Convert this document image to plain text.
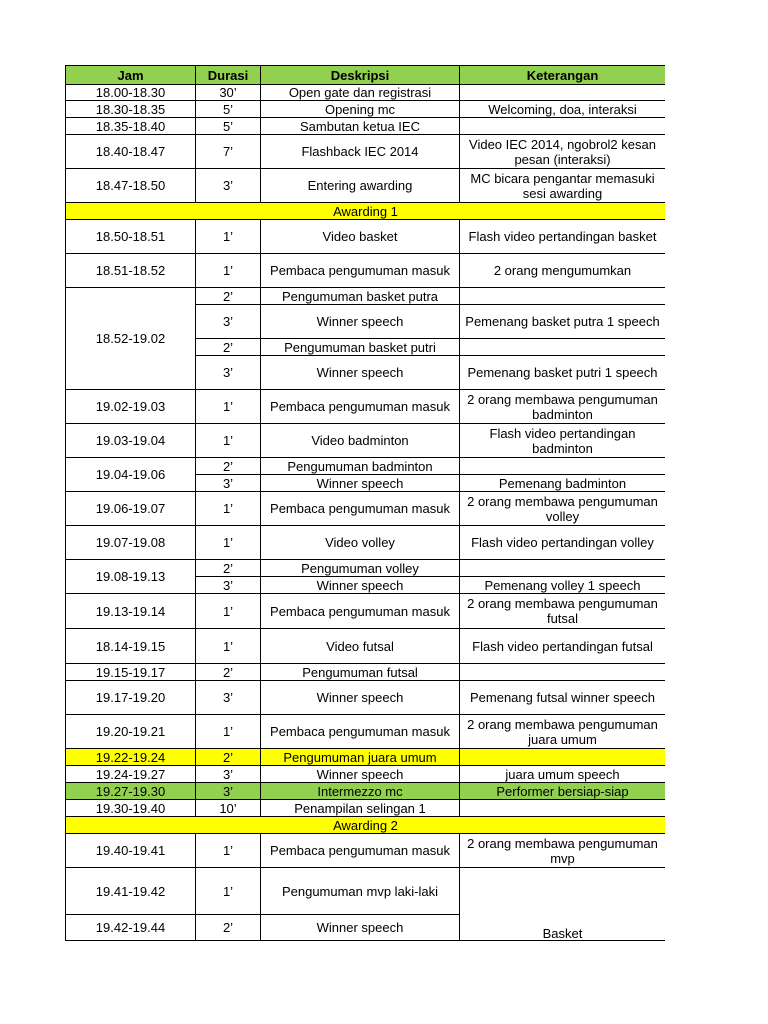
Jam	Durasi	Deskripsi	Keterangan
18.00-18.30	30’	Open gate dan registrasi	
18.30-18.35	5’	Opening mc	Welcoming, doa, interaksi
18.35-18.40	5’	Sambutan ketua IEC	
18.40-18.47	7’	Flashback IEC 2014	Video IEC 2014, ngobrol2 kesan pesan (interaksi)
18.47-18.50	3’	Entering awarding	MC bicara pengantar memasuki sesi awarding
Awarding 1			
18.50-18.51	1’	Video basket	Flash video pertandingan basket
18.51-18.52	1’	Pembaca pengumuman masuk	2 orang mengumumkan
18.52-19.02	2’	Pengumuman basket putra	
	3’	Winner speech	Pemenang basket putra 1 speech
	2’	Pengumuman basket putri	
	3’	Winner speech	Pemenang basket putri 1 speech
19.02-19.03	1’	Pembaca pengumuman masuk	2 orang membawa pengumuman badminton
19.03-19.04	1’	Video badminton	Flash video pertandingan badminton
19.04-19.06	2’	Pengumuman badminton	
	3’	Winner speech	Pemenang badminton
19.06-19.07	1’	Pembaca pengumuman masuk	2 orang membawa pengumuman volley
19.07-19.08	1’	Video volley	Flash video pertandingan volley
19.08-19.13	2’	Pengumuman volley	
	3’	Winner speech	Pemenang volley 1 speech
19.13-19.14	1’	Pembaca pengumuman masuk	2 orang membawa pengumuman futsal
18.14-19.15	1’	Video futsal	Flash video pertandingan futsal
19.15-19.17	2’	Pengumuman futsal	
19.17-19.20	3’	Winner speech	Pemenang futsal winner speech
19.20-19.21	1’	Pembaca pengumuman masuk	2 orang membawa pengumuman juara umum
19.22-19.24	2’	Pengumuman juara umum	
19.24-19.27	3’	Winner speech	juara umum speech
19.27-19.30	3’	Intermezzo mc	Performer bersiap-siap
19.30-19.40	10’	Penampilan selingan 1	
Awarding 2			
19.40-19.41	1’	Pembaca pengumuman masuk	2 orang membawa pengumuman mvp
19.41-19.42	1’	Pengumuman mvp laki-laki	Basket

19.42-19.44	2’	Winner speech	
